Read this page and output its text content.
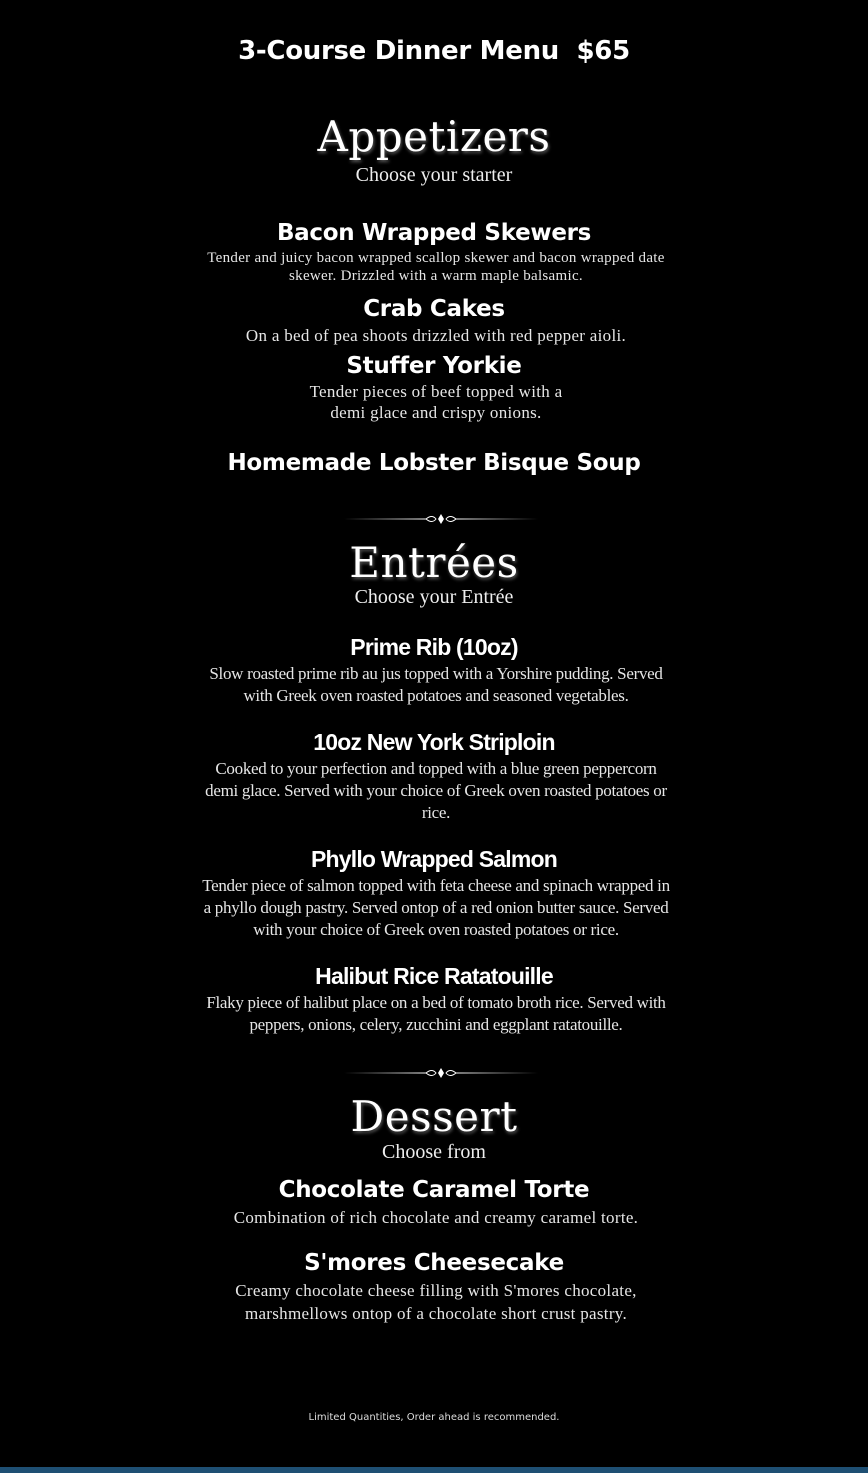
3-Course Dinner Menu  $65
Appetizers
Choose your starter
Bacon Wrapped Skewers
Tender and juicy bacon wrapped scallop skewer and bacon wrapped date
skewer. Drizzled with a warm maple balsamic.
Crab Cakes
On a bed of pea shoots drizzled with red pepper aioli.
Stuffer Yorkie
Tender pieces of beef topped with a
demi glace and crispy onions.
Homemade Lobster Bisque Soup
Entrées
Choose your Entrée
Prime Rib (10oz)
Slow roasted prime rib au jus topped with a Yorshire pudding. Served
with Greek oven roasted potatoes and seasoned vegetables.
10oz New York Striploin
Cooked to your perfection and topped with a blue green peppercorn
demi glace. Served with your choice of Greek oven roasted potatoes or
rice.
Phyllo Wrapped Salmon
Tender piece of salmon topped with feta cheese and spinach wrapped in
a phyllo dough pastry. Served ontop of a red onion butter sauce. Served
with your choice of Greek oven roasted potatoes or rice.
Halibut Rice Ratatouille
Flaky piece of halibut place on a bed of tomato broth rice. Served with
peppers, onions, celery, zucchini and eggplant ratatouille.
Dessert
Choose from
Chocolate Caramel Torte
Combination of rich chocolate and creamy caramel torte.
S'mores Cheesecake
Creamy chocolate cheese filling with S'mores chocolate,
marshmellows ontop of a chocolate short crust pastry.
Limited Quantities, Order ahead is recommended.
